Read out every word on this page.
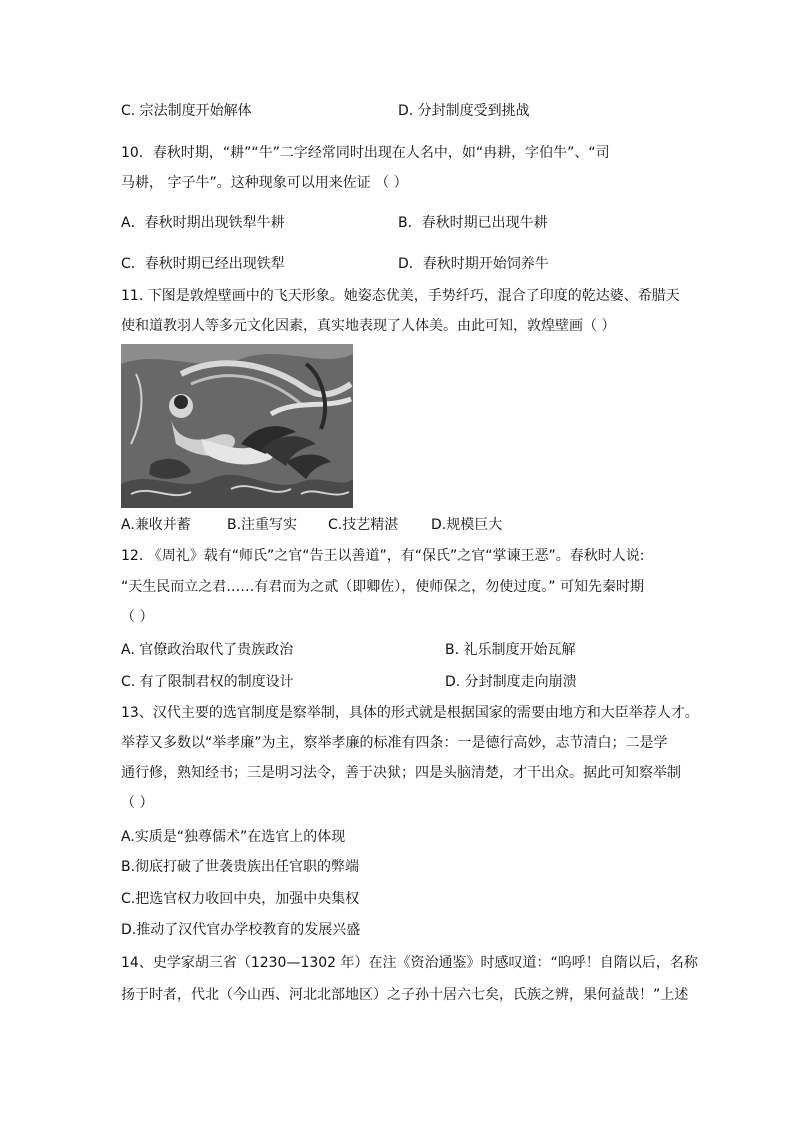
C. 宗法制度开始解体	D. 分封制度受到挑战
10．春秋时期，“耕”“牛”二字经常同时出现在人名中，如“冉耕，字伯牛”、“司
马耕， 字子牛”。这种现象可以用来佐证 （ ）
A．春秋时期出现铁犁牛耕	B．春秋时期已出现牛耕
C．春秋时期已经出现铁犁	D．春秋时期开始饲养牛
11. 下图是敦煌壁画中的飞天形象。她姿态优美，手势纤巧，混合了印度的乾达婆、希腊天
使和道教羽人等多元文化因素，真实地表现了人体美。由此可知，敦煌壁画（ ）
A.兼收并蓄	B.注重写实 C.技艺精湛 D.规模巨大
12. 《周礼》载有“师氏”之官“告王以善道”，有“保氏”之官“掌谏王恶”。春秋时人说:
“天生民而立之君……有君而为之贰（即卿佐），使师保之，勿使过度。” 可知先秦时期
（ ）
A. 官僚政治取代了贵族政治	B. 礼乐制度开始瓦解
C. 有了限制君权的制度设计	D. 分封制度走向崩溃
13、汉代主要的选官制度是察举制，具体的形式就是根据国家的需要由地方和大臣举荐人才。
举荐又多数以“举孝廉”为主，察举孝廉的标准有四条：一是德行高妙，志节清白；二是学
通行修，熟知经书；三是明习法令，善于决狱；四是头脑清楚，才干出众。据此可知察举制
（ ）
A.实质是“独尊儒术”在选官上的体现
B.彻底打破了世袭贵族出任官职的弊端
C.把选官权力收回中央，加强中央集权
D.推动了汉代官办学校教育的发展兴盛
14、史学家胡三省（1230—1302 年）在注《资治通鉴》时感叹道：“呜呼！自隋以后，名称
扬于时者，代北（今山西、河北北部地区）之子孙十居六七矣，氏族之辨，果何益哉！”上述
